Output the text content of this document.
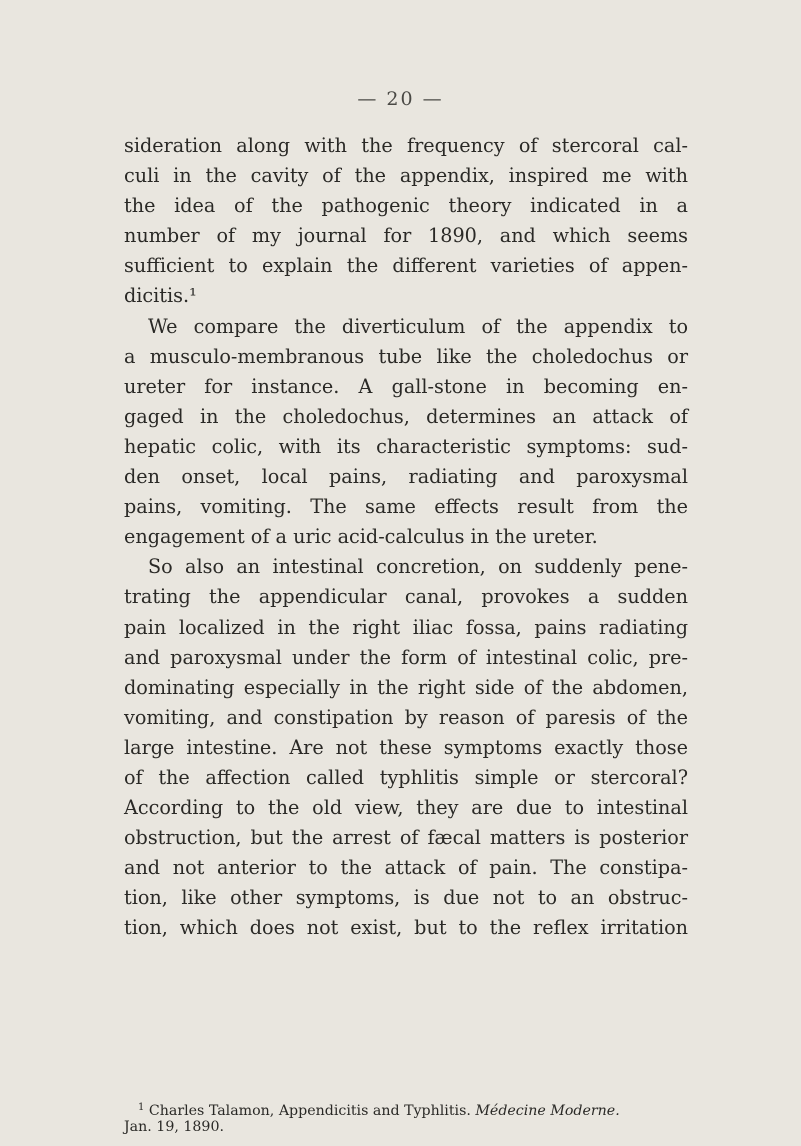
— 20 —
sideration along with the frequency of stercoral cal-
culi in the cavity of the appendix, inspired me with
the idea of the pathogenic theory indicated in a
number of my journal for 1890, and which seems
sufficient to explain the different varieties of appen-
dicitis.¹
We compare the diverticulum of the appendix to
a musculo-membranous tube like the choledochus or
ureter for instance. A gall-stone in becoming en-
gaged in the choledochus, determines an attack of
hepatic colic, with its characteristic symptoms: sud-
den onset, local pains, radiating and paroxysmal
pains, vomiting. The same effects result from the
engagement of a uric acid-calculus in the ureter.
So also an intestinal concretion, on suddenly pene-
trating the appendicular canal, provokes a sudden
pain localized in the right iliac fossa, pains radiating
and paroxysmal under the form of intestinal colic, pre-
dominating especially in the right side of the abdomen,
vomiting, and constipation by reason of paresis of the
large intestine. Are not these symptoms exactly those
of the affection called typhlitis simple or stercoral?
According to the old view, they are due to intestinal
obstruction, but the arrest of fæcal matters is posterior
and not anterior to the attack of pain. The constipa-
tion, like other symptoms, is due not to an obstruc-
tion, which does not exist, but to the reflex irritation
$^1$ Charles Talamon, Appendicitis and Typhlitis. Médecine Moderne.
Jan. 19, 1890.
